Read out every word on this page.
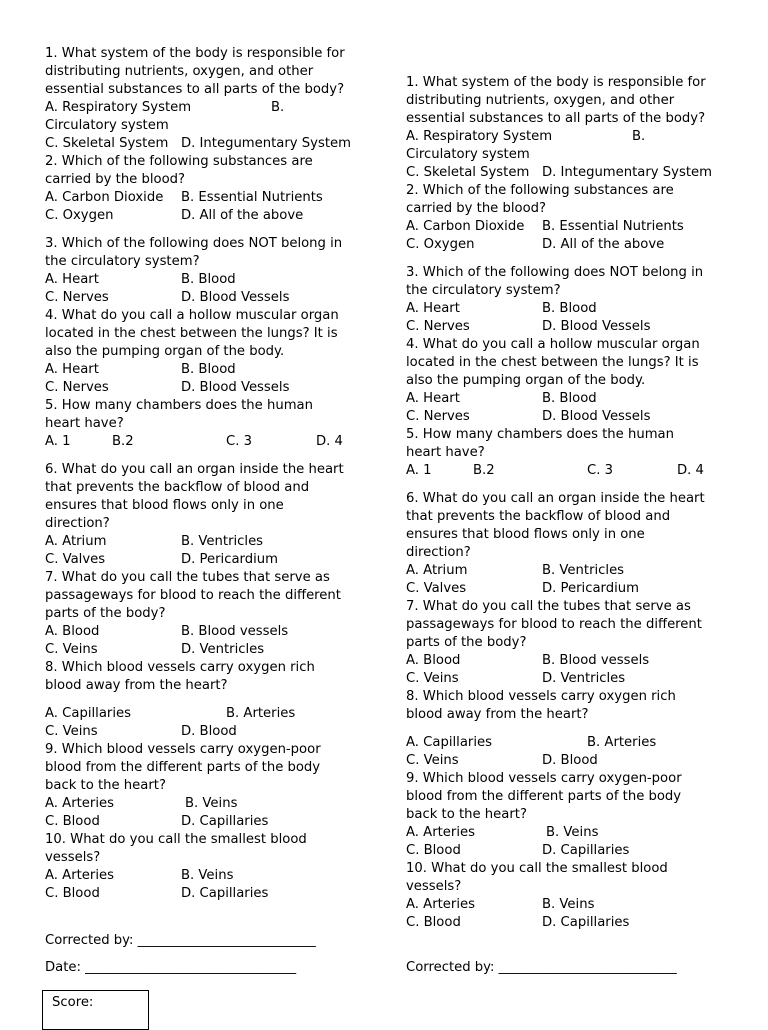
1. What system of the body is responsible for
distributing nutrients, oxygen, and other
essential substances to all parts of the body?
A. Respiratory System	B.
Circulatory system
C. Skeletal System D. Integumentary System
2. Which of the following substances are
carried by the blood?
A. Carbon Dioxide B. Essential Nutrients
C. Oxygen	D. All of the above
3. Which of the following does NOT belong in
the circulatory system?
A. Heart	B. Blood
C. Nerves	D. Blood Vessels
4. What do you call a hollow muscular organ
located in the chest between the lungs? It is
also the pumping organ of the body.
A. Heart	B. Blood
C. Nerves	D. Blood Vessels
5. How many chambers does the human
heart have?
A. 1	B.2	C. 3	D. 4
6. What do you call an organ inside the heart
that prevents the backflow of blood and
ensures that blood flows only in one
direction?
A. Atrium	B. Ventricles
C. Valves	D. Pericardium
7. What do you call the tubes that serve as
passageways for blood to reach the different
parts of the body?
A. Blood	B. Blood vessels
C. Veins	D. Ventricles
8. Which blood vessels carry oxygen rich
blood away from the heart?
A. Capillaries	B. Arteries
C. Veins	D. Blood
9. Which blood vessels carry oxygen-poor
blood from the different parts of the body
back to the heart?
A. Arteries	B. Veins
C. Blood	D. Capillaries
10. What do you call the smallest blood
vessels?
A. Arteries	B. Veins
C. Blood	D. Capillaries
1. What system of the body is responsible for
distributing nutrients, oxygen, and other
essential substances to all parts of the body?
A. Respiratory System	B.
Circulatory system
C. Skeletal System D. Integumentary System
2. Which of the following substances are
carried by the blood?
A. Carbon Dioxide B. Essential Nutrients
C. Oxygen	D. All of the above
3. Which of the following does NOT belong in
the circulatory system?
A. Heart	B. Blood
C. Nerves	D. Blood Vessels
4. What do you call a hollow muscular organ
located in the chest between the lungs? It is
also the pumping organ of the body.
A. Heart	B. Blood
C. Nerves	D. Blood Vessels
5. How many chambers does the human
heart have?
A. 1	B.2	C. 3	D. 4
6. What do you call an organ inside the heart
that prevents the backflow of blood and
ensures that blood flows only in one
direction?
A. Atrium	B. Ventricles
C. Valves	D. Pericardium
7. What do you call the tubes that serve as
passageways for blood to reach the different
parts of the body?
A. Blood	B. Blood vessels
C. Veins	D. Ventricles
8. Which blood vessels carry oxygen rich
blood away from the heart?
A. Capillaries	B. Arteries
C. Veins	D. Blood
9. Which blood vessels carry oxygen-poor
blood from the different parts of the body
back to the heart?
A. Arteries	B. Veins
C. Blood	D. Capillaries
10. What do you call the smallest blood
vessels?
A. Arteries	B. Veins
C. Blood	D. Capillaries
Corrected by: ___________________________
Date: ________________________________
Score:
Corrected by: ___________________________
